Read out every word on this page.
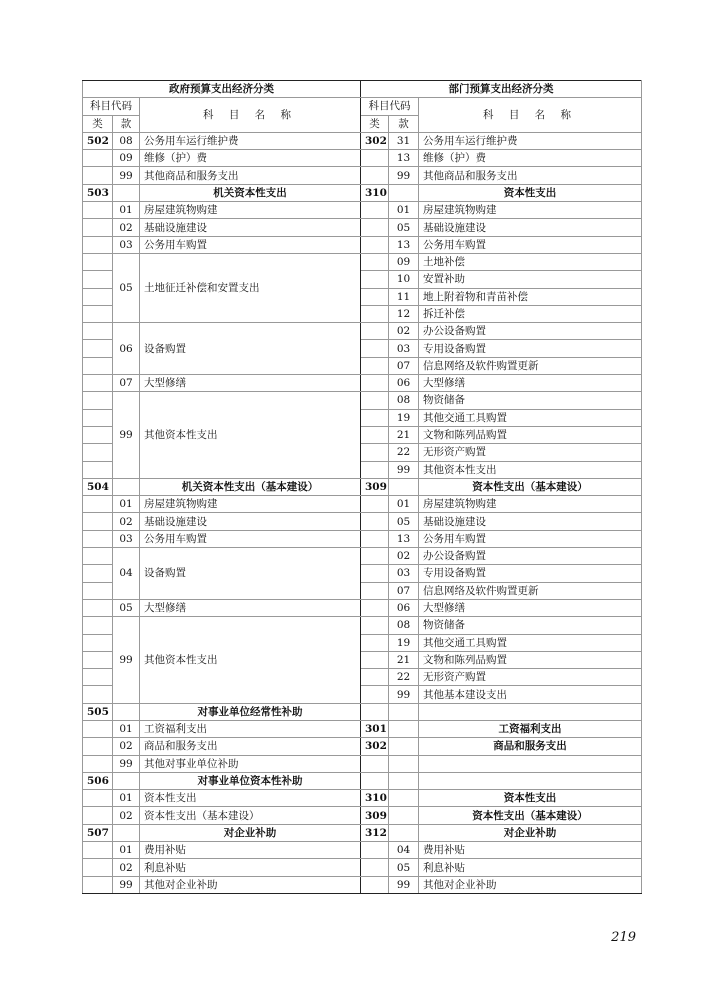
政府预算支出经济分类			部门预算支出经济分类		
科目代码		科 目 名 称	科目代码		科 目 名 称
类	款		类	款	
502	08	公务用车运行维护费	302	31	公务用车运行维护费
	09	维修（护）费		13	维修（护）费
	99	其他商品和服务支出		99	其他商品和服务支出
503		机关资本性支出	310		资本性支出
	01	房屋建筑物购建		01	房屋建筑物购建
	02	基础设施建设		05	基础设施建设
	03	公务用车购置		13	公务用车购置
	05	土地征迁补偿和安置支出		09	土地补偿
				10	安置补助
				11	地上附着物和青苗补偿
				12	拆迁补偿
	06	设备购置		02	办公设备购置
				03	专用设备购置
				07	信息网络及软件购置更新
	07	大型修缮		06	大型修缮
	99	其他资本性支出		08	物资储备
				19	其他交通工具购置
				21	文物和陈列品购置
				22	无形资产购置
				99	其他资本性支出
504		机关资本性支出（基本建设）	309		资本性支出（基本建设）
	01	房屋建筑物购建		01	房屋建筑物购建
	02	基础设施建设		05	基础设施建设
	03	公务用车购置		13	公务用车购置
	04	设备购置		02	办公设备购置
				03	专用设备购置
				07	信息网络及软件购置更新
	05	大型修缮		06	大型修缮
	99	其他资本性支出		08	物资储备
				19	其他交通工具购置
				21	文物和陈列品购置
				22	无形资产购置
				99	其他基本建设支出
505		对事业单位经常性补助			
	01	工资福利支出	301		工资福利支出
	02	商品和服务支出	302		商品和服务支出
	99	其他对事业单位补助			
506		对事业单位资本性补助			
	01	资本性支出	310		资本性支出
	02	资本性支出（基本建设）	309		资本性支出（基本建设）
507		对企业补助	312		对企业补助
	01	费用补贴		04	费用补贴
	02	利息补贴		05	利息补贴
	99	其他对企业补助		99	其他对企业补助
219
